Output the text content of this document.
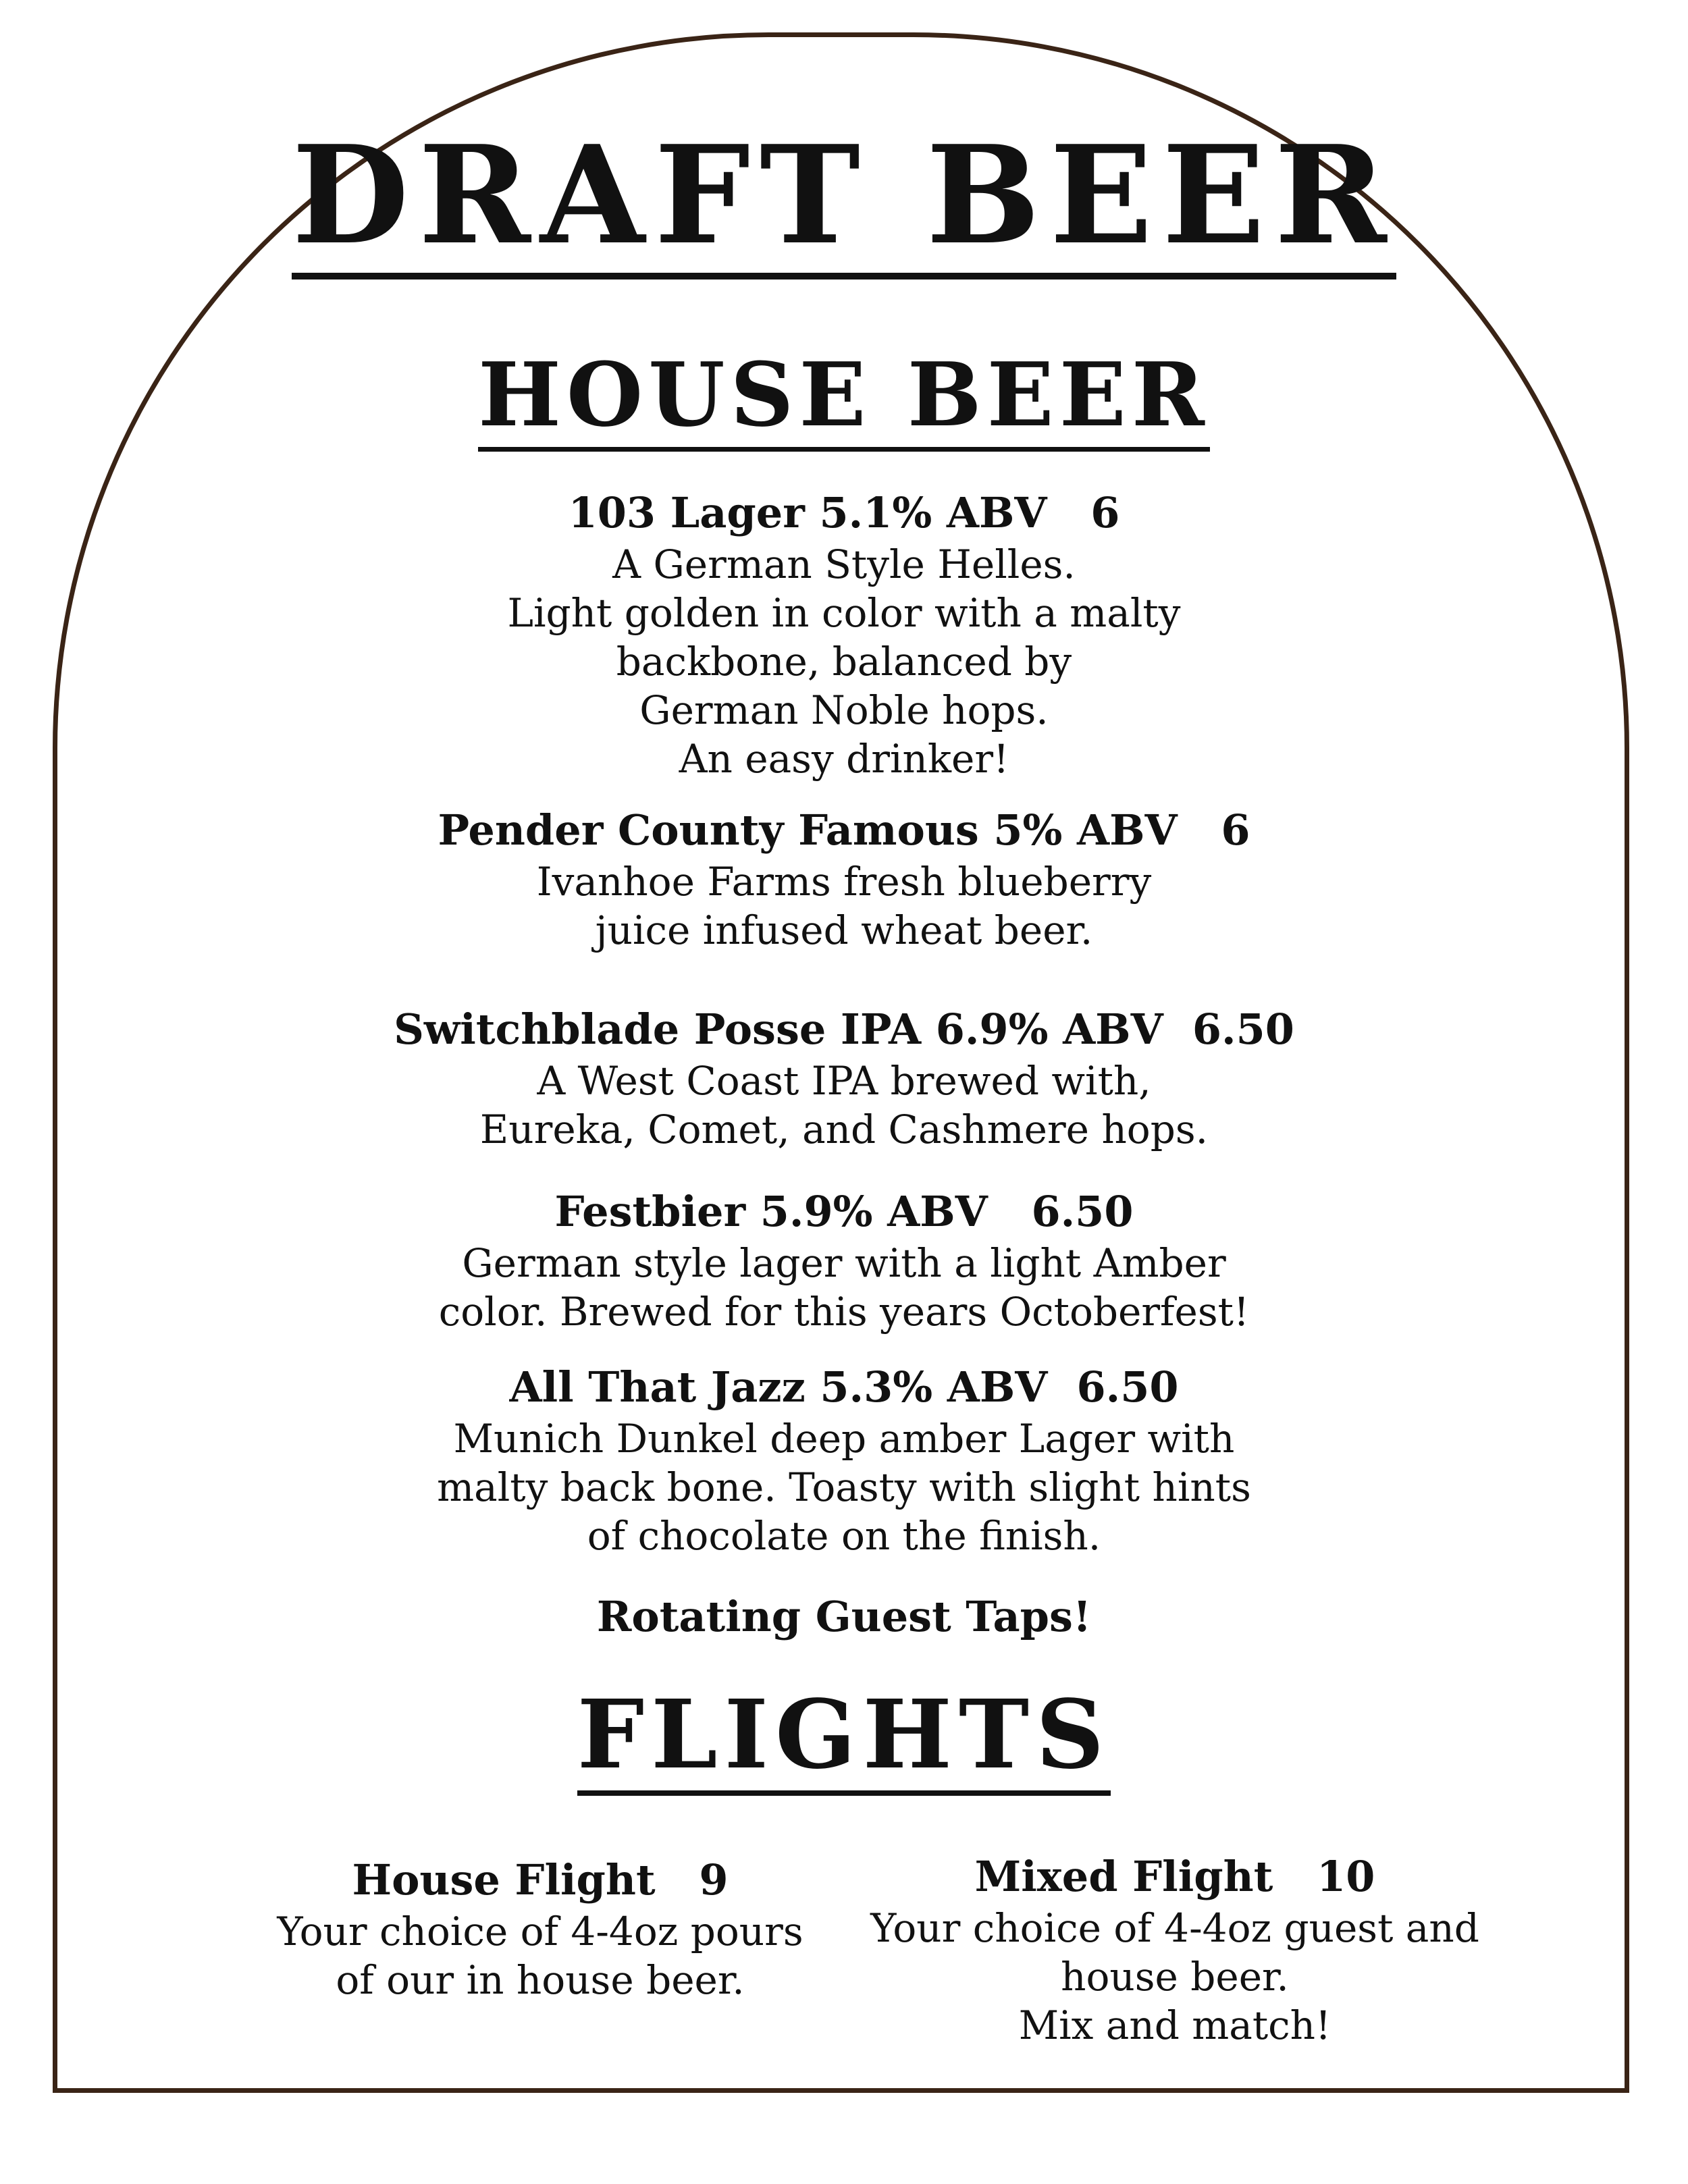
DRAFT BEER
HOUSE BEER
103 Lager 5.1% ABV   6
A German Style Helles.
Light golden in color with a malty
backbone, balanced by
German Noble hops.
An easy drinker!
Pender County Famous 5% ABV   6
Ivanhoe Farms fresh blueberry
juice infused wheat beer.
Switchblade Posse IPA 6.9% ABV  6.50
A West Coast IPA brewed with,
Eureka, Comet, and Cashmere hops.
Festbier 5.9% ABV   6.50
German style lager with a light Amber
color. Brewed for this years Octoberfest!
All That Jazz 5.3% ABV  6.50
Munich Dunkel deep amber Lager with
malty back bone. Toasty with slight hints
of chocolate on the finish.
Rotating Guest Taps!
FLIGHTS
House Flight   9
Your choice of 4-4oz pours
of our in house beer.
Mixed Flight   10
Your choice of 4-4oz guest and
house beer.
Mix and match!
